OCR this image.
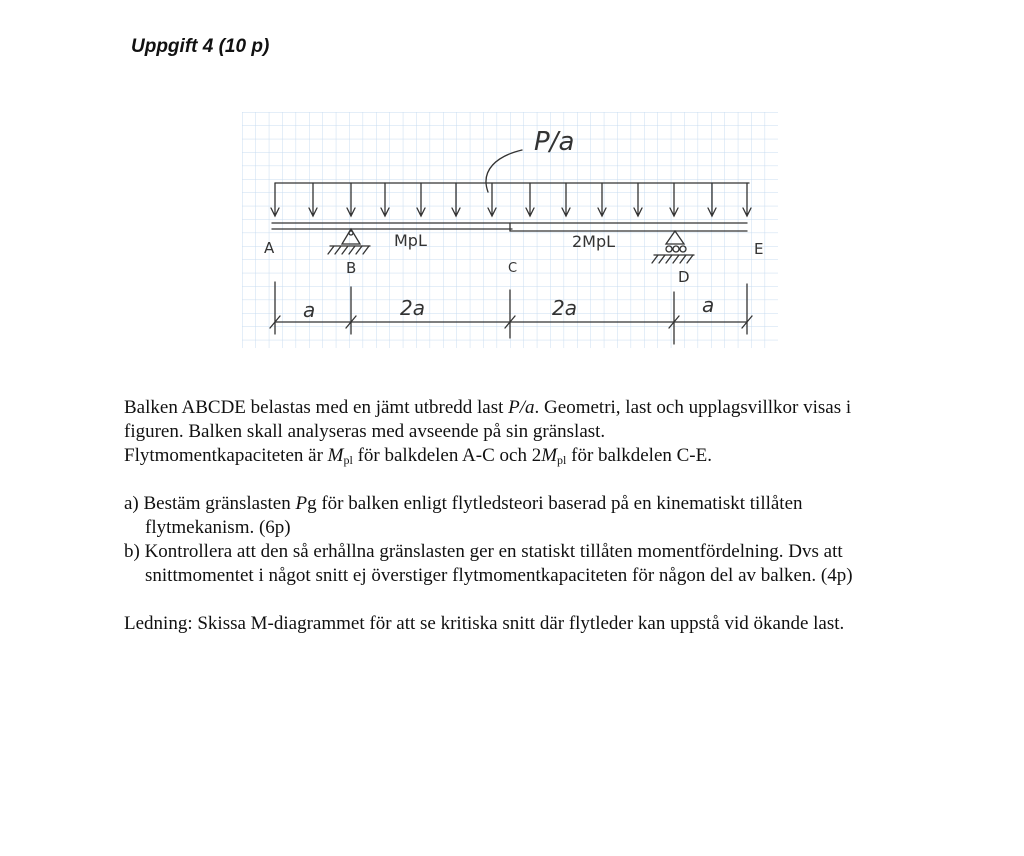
Uppgift 4 (10 p)
P/a
A
B	C	D
E
MpL	2MpL
a	2a	2a	a

Balken ABCDE belastas med en jämt utbredd last P/a. Geometri, last och upplagsvillkor visas i figuren. Balken skall analyseras med avseende på sin gränslast.

Flytmomentkapaciteten är $M_{pl}$ för balkdelen A-C och $2M_{pl}$ för balkdelen C-E.

a) Bestäm gränslasten Pg för balken enligt flytledsteori baserad på en kinematiskt tillåten flytmekanism. (6p)

b) Kontrollera att den så erhållna gränslasten ger en statiskt tillåten momentfördelning. Dvs att snittmomentet i något snitt ej överstiger flytmomentkapaciteten för någon del av balken. (4p)

Ledning: Skissa M-diagrammet för att se kritiska snitt där flytleder kan uppstå vid ökande last.
